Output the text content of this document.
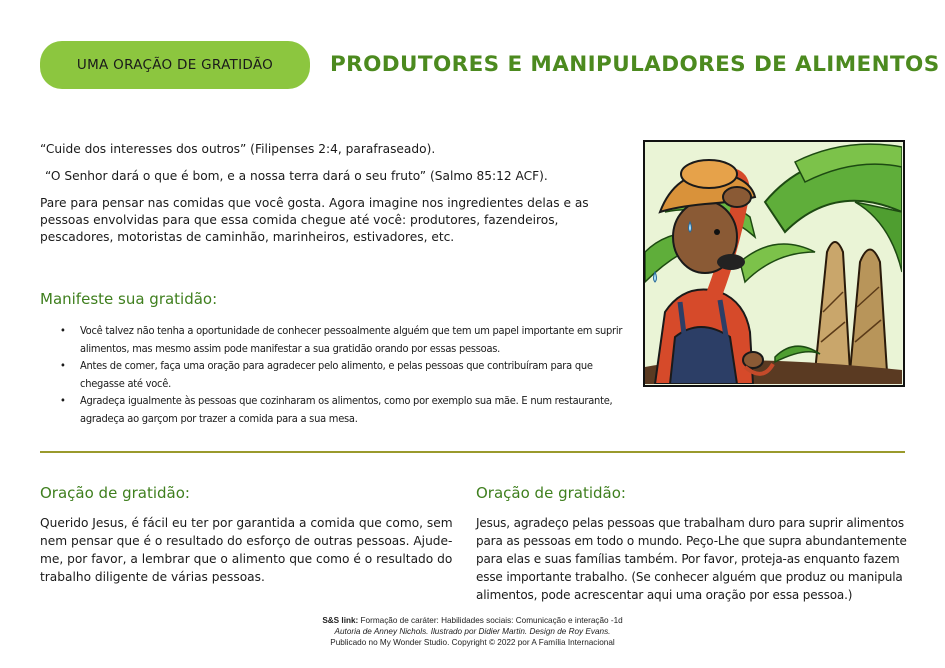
UMA ORAÇÃO DE GRATIDÃO	PRODUTORES E MANIPULADORES DE ALIMENTOS

“Cuide dos interesses dos outros” (Filipenses 2:4, parafraseado).

“O Senhor dará o que é bom, e a nossa terra dará o seu fruto” (Salmo 85:12 ACF).

Pare para pensar nas comidas que você gosta. Agora imagine nos ingredientes delas e as pessoas envolvidas para que essa comida chegue até você: produtores, fazendeiros, pescadores, motoristas de caminhão, marinheiros, estivadores, etc.

Manifeste sua gratidão:
• Você talvez não tenha a oportunidade de conhecer pessoalmente alguém que tem um papel importante em suprir alimentos, mas mesmo assim pode manifestar a sua gratidão orando por essas pessoas.
• Antes de comer, faça uma oração para agradecer pelo alimento, e pelas pessoas que contribuíram para que chegasse até você.
• Agradeça igualmente às pessoas que cozinharam os alimentos, como por exemplo sua mãe. E num restaurante, agradeça ao garçom por trazer a comida para a sua mesa.
Oração de gratidão:
Querido Jesus, é fácil eu ter por garantida a comida que como, sem nem pensar que é o resultado do esforço de outras pessoas. Ajude-me, por favor, a lembrar que o alimento que como é o resultado do trabalho diligente de várias pessoas.
Oração de gratidão:
Jesus, agradeço pelas pessoas que trabalham duro para suprir alimentos para as pessoas em todo o mundo. Peço-Lhe que supra abundantemente para elas e suas famílias também. Por favor, proteja-as enquanto fazem esse importante trabalho. (Se conhecer alguém que produz ou manipula alimentos, pode acrescentar aqui uma oração por essa pessoa.)
S&S link: Formação de caráter: Habilidades sociais: Comunicação e interação -1d
Autoria de Anney Nichols. Ilustrado por Didier Martin. Design de Roy Evans.
Publicado no My Wonder Studio. Copyright © 2022 por A Família Internacional
